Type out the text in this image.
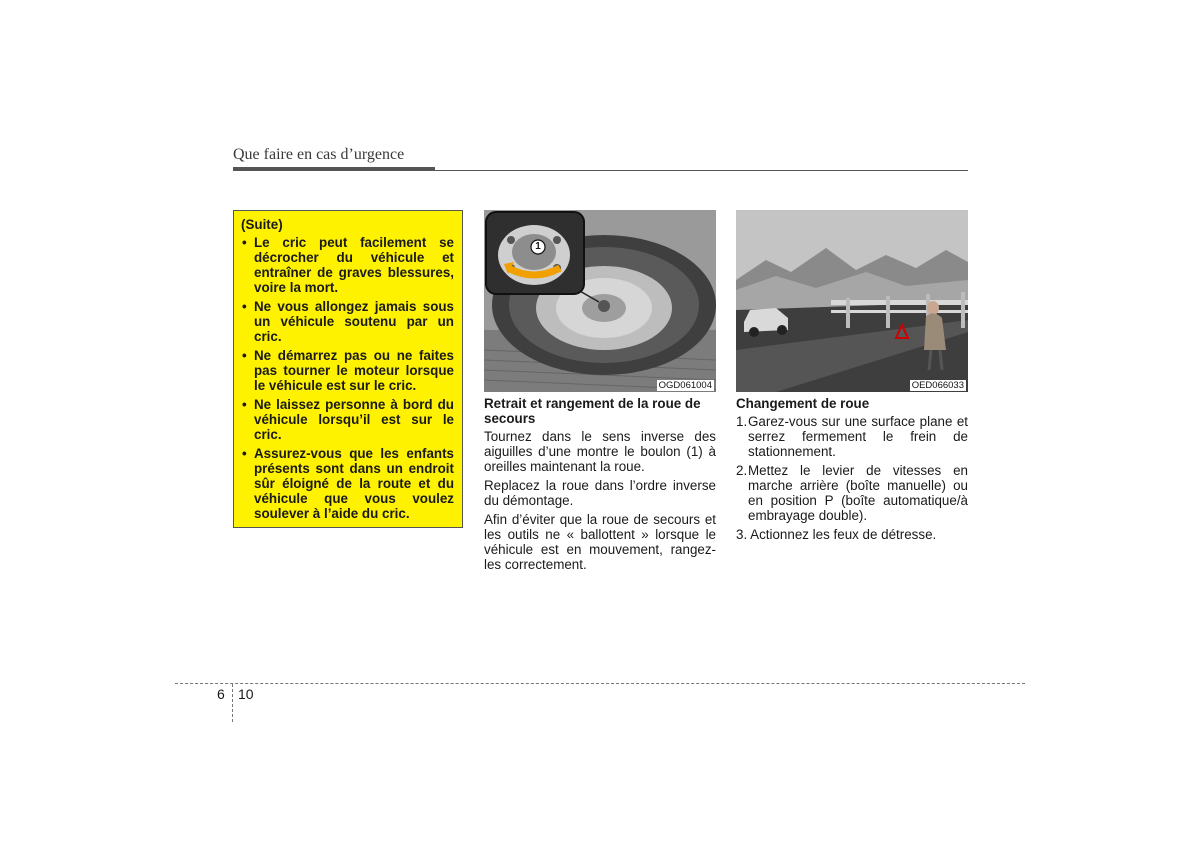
Que faire en cas d’urgence
(Suite)
• Le cric peut facilement se décrocher du véhicule et entraîner de graves blessures, voire la mort.
• Ne vous allongez jamais sous un véhicule soutenu par un cric.
• Ne démarrez pas ou ne faites pas tourner le moteur lorsque le véhicule est sur le cric.
• Ne laissez personne à bord du véhicule lorsqu’il est sur le cric.
• Assurez-vous que les enfants présents sont dans un endroit sûr éloigné de la route et du véhicule que vous voulez soulever à l’aide du cric.
1
OGD061004	OED066033
Retrait et rangement de la roue de secours

Tournez dans le sens inverse des aiguilles d’une montre le boulon (1) à oreilles maintenant la roue.

Replacez la roue dans l’ordre inverse du démontage.

Afin d’éviter que la roue de secours et les outils ne « ballottent » lorsque le véhicule est en mouvement, rangez-les correctement.

Changement de roue
1. Garez-vous sur une surface plane et serrez fermement le frein de stationnement.
2. Mettez le levier de vitesses en marche arrière (boîte manuelle) ou en position P (boîte automatique/à embrayage double).
3. Actionnez les feux de détresse.
6 10
